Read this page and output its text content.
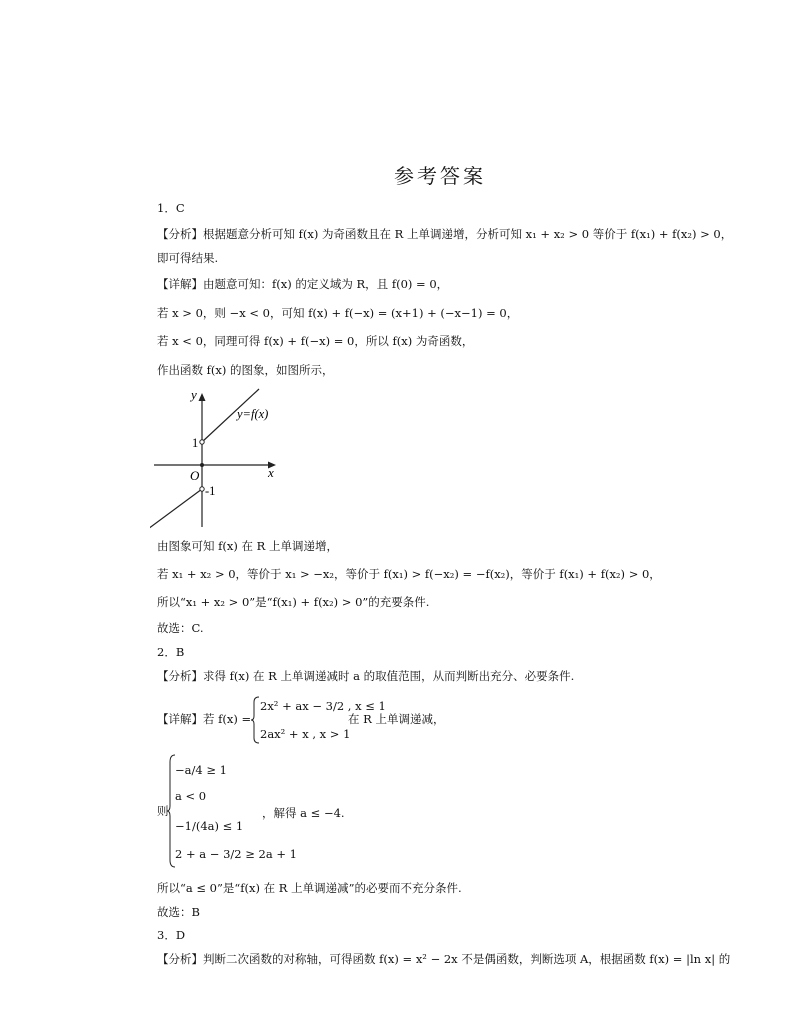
参考答案
1．C
【分析】根据题意分析可知 f(x) 为奇函数且在 R 上单调递增，分析可知 x₁ + x₂ > 0 等价于 f(x₁) + f(x₂) > 0，
即可得结果.
【详解】由题意可知：f(x) 的定义域为 R，且 f(0) = 0，
若 x > 0，则 −x < 0，可知 f(x) + f(−x) = (x+1) + (−x−1) = 0，
若 x < 0，同理可得 f(x) + f(−x) = 0，所以 f(x) 为奇函数，
作出函数 f(x) 的图象，如图所示，
y
x
O
y=f(x)
1
-1
由图象可知 f(x) 在 R 上单调递增，
若 x₁ + x₂ > 0，等价于 x₁ > −x₂，等价于 f(x₁) > f(−x₂) = −f(x₂)，等价于 f(x₁) + f(x₂) > 0，
所以“x₁ + x₂ > 0”是“f(x₁) + f(x₂) > 0”的充要条件.
故选：C.
2．B
【分析】求得 f(x) 在 R 上单调递减时 a 的取值范围，从而判断出充分、必要条件.
【详解】若 f(x) =
2x² + ax − 3/2 , x ≤ 1
2ax² + x , x > 1
在 R 上单调递减，
则
−a/4 ≥ 1
a < 0
−1/(4a) ≤ 1
2 + a − 3/2 ≥ 2a + 1
，解得 a ≤ −4.
所以“a ≤ 0”是“f(x) 在 R 上单调递减”的必要而不充分条件.
故选：B
3．D
【分析】判断二次函数的对称轴，可得函数 f(x) = x² − 2x 不是偶函数，判断选项 A，根据函数 f(x) = |ln x| 的
